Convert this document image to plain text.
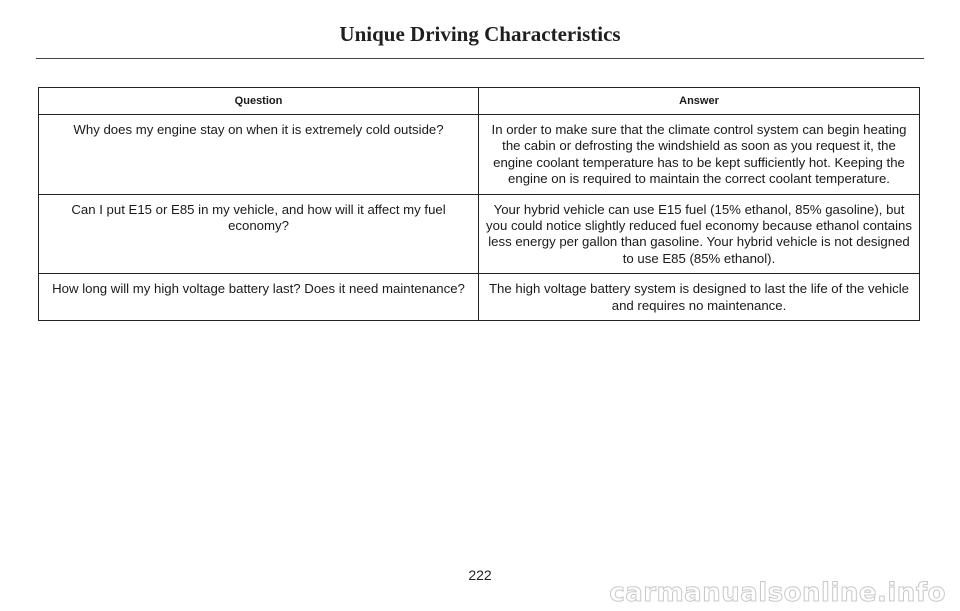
Unique Driving Characteristics
Question	Answer
Why does my engine stay on when it is extremely cold outside?	In order to make sure that the climate control system can begin heating the cabin or defrosting the windshield as soon as you request it, the engine coolant temperature has to be kept sufficiently hot. Keeping the engine on is required to maintain the correct coolant temperature.
Can I put E15 or E85 in my vehicle, and how will it affect my fuel economy?	Your hybrid vehicle can use E15 fuel (15% ethanol, 85% gasoline), but you could notice slightly reduced fuel economy because ethanol contains less energy per gallon than gasoline. Your hybrid vehicle is not designed to use E85 (85% ethanol).
How long will my high voltage battery last? Does it need maintenance?	The high voltage battery system is designed to last the life of the vehicle and requires no maintenance.
222
carmanualsonline.info
